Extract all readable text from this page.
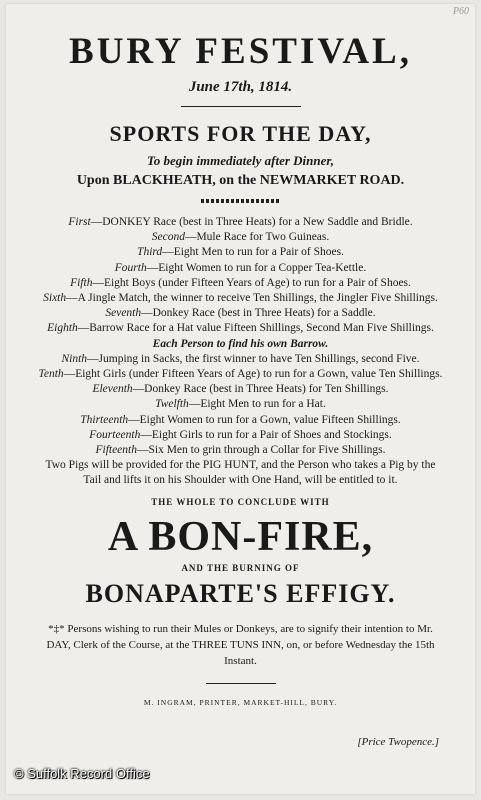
P60
BURY FESTIVAL,
June 17th, 1814.
SPORTS FOR THE DAY,
To begin immediately after Dinner,
Upon BLACKHEATH, on the NEWMARKET ROAD.
First—DONKEY Race (best in Three Heats) for a New Saddle and Bridle.
Second—Mule Race for Two Guineas.
Third—Eight Men to run for a Pair of Shoes.
Fourth—Eight Women to run for a Copper Tea-Kettle.
Fifth—Eight Boys (under Fifteen Years of Age) to run for a Pair of Shoes.
Sixth—A Jingle Match, the winner to receive Ten Shillings, the Jingler Five Shillings.
Seventh—Donkey Race (best in Three Heats) for a Saddle.
Eighth—Barrow Race for a Hat value Fifteen Shillings, Second Man Five Shillings.
Each Person to find his own Barrow.
Ninth—Jumping in Sacks, the first winner to have Ten Shillings, second Five.
Tenth—Eight Girls (under Fifteen Years of Age) to run for a Gown, value Ten Shillings.
Eleventh—Donkey Race (best in Three Heats) for Ten Shillings.
Twelfth—Eight Men to run for a Hat.
Thirteenth—Eight Women to run for a Gown, value Fifteen Shillings.
Fourteenth—Eight Girls to run for a Pair of Shoes and Stockings.
Fifteenth—Six Men to grin through a Collar for Five Shillings.
Two Pigs will be provided for the PIG HUNT, and the Person who takes a Pig by the
Tail and lifts it on his Shoulder with One Hand, will be entitled to it.
THE WHOLE TO CONCLUDE WITH
A BON-FIRE,
AND THE BURNING OF
BONAPARTE'S EFFIGY.
*‡* Persons wishing to run their Mules or Donkeys, are to signify their intention to Mr. DAY, Clerk of the Course, at the THREE TUNS INN, on, or before Wednesday the 15th Instant.
M. INGRAM, PRINTER, MARKET-HILL, BURY.
[Price Twopence.]
© Suffolk Record Office
